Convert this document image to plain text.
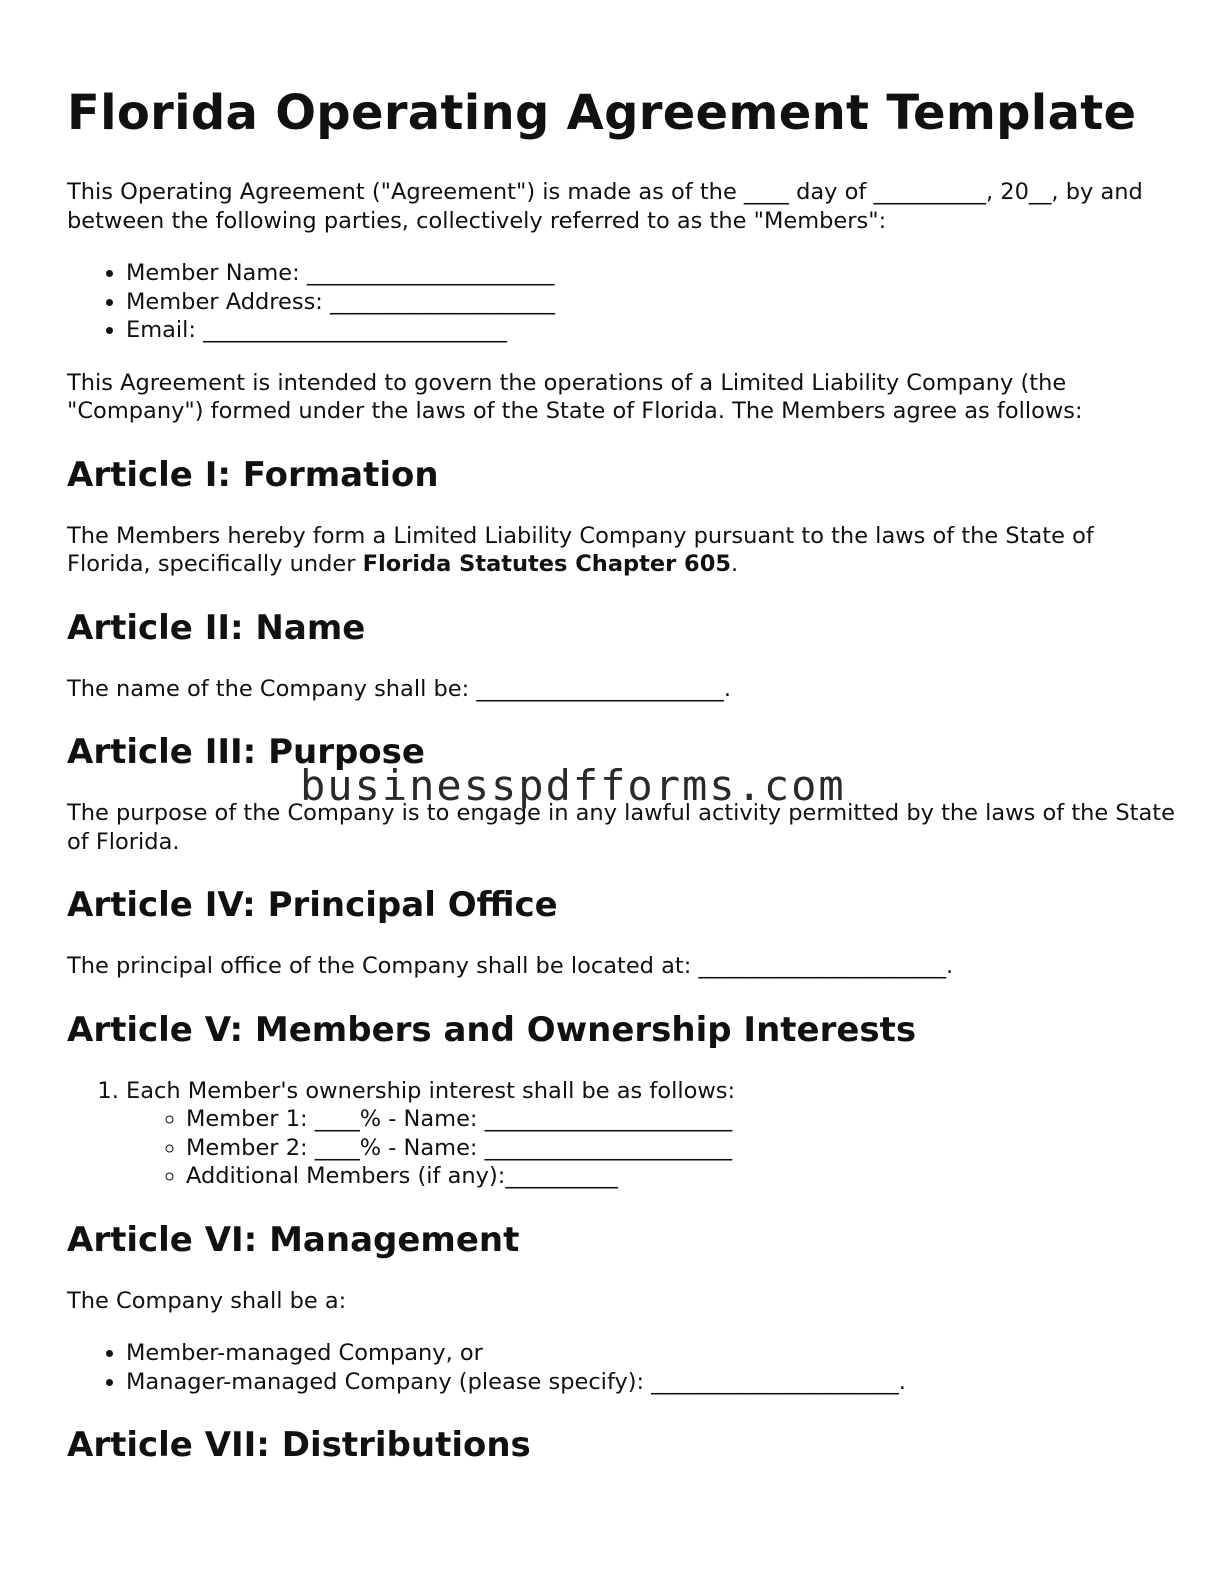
Florida Operating Agreement Template

This Operating Agreement ("Agreement") is made as of the ____ day of __________, 20__, by and between the following parties, collectively referred to as the "Members":

• Member Name: ______________________
• Member Address: ____________________
• Email: ___________________________

This Agreement is intended to govern the operations of a Limited Liability Company (the "Company") formed under the laws of the State of Florida. The Members agree as follows:

Article I: Formation

The Members hereby form a Limited Liability Company pursuant to the laws of the State of Florida, specifically under Florida Statutes Chapter 605.

Article II: Name

The name of the Company shall be: ______________________.

Article III: Purpose

The purpose of the Company is to engage in any lawful activity permitted by the laws of the State of Florida.

Article IV: Principal Office

The principal office of the Company shall be located at: ______________________.

Article V: Members and Ownership Interests
1. Each Member's ownership interest shall be as follows:
◦ Member 1: ____% - Name: ______________________
◦ Member 2: ____% - Name: ______________________
◦ Additional Members (if any):__________
Article VI: Management

The Company shall be a:

• Member-managed Company, or
• Manager-managed Company (please specify): ______________________.
Article VII: Distributions
businesspdfforms.com
